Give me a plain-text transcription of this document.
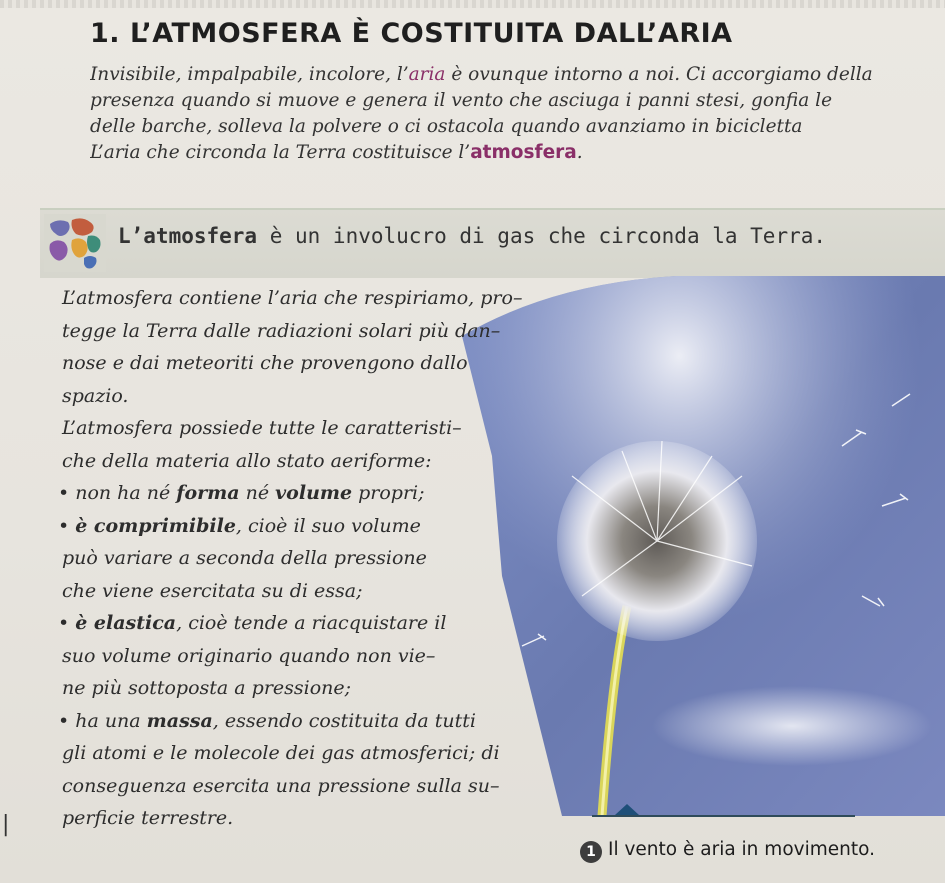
1. L’ATMOSFERA È COSTITUITA DALL’ARIA

Invisibile, impalpabile, incolore, l’aria è ovunque intorno a noi. Ci accorgiamo della

presenza quando si muove e genera il vento che asciuga i panni stesi, gonfia le

delle barche, solleva la polvere o ci ostacola quando avanziamo in bicicletta

L’aria che circonda la Terra costituisce l’atmosfera.

L’atmosfera è un involucro di gas che circonda la Terra.

L’atmosfera contiene l’aria che respiriamo, pro–

tegge la Terra dalle radiazioni solari più dan–

nose e dai meteoriti che provengono dallo

spazio.

L’atmosfera possiede tutte le caratteristi–

che della materia allo stato aeriforme:

• non ha né forma né volume propri;

• è comprimibile, cioè il suo volume

può variare a seconda della pressione

che viene esercitata su di essa;

• è elastica, cioè tende a riacquistare il

suo volume originario quando non vie–

ne più sottoposta a pressione;

• ha una massa, essendo costituita da tutti

gli atomi e le molecole dei gas atmosferici; di

conseguenza esercita una pressione sulla su–

perficie terrestre.

|
1 Il vento è aria in movimento.
